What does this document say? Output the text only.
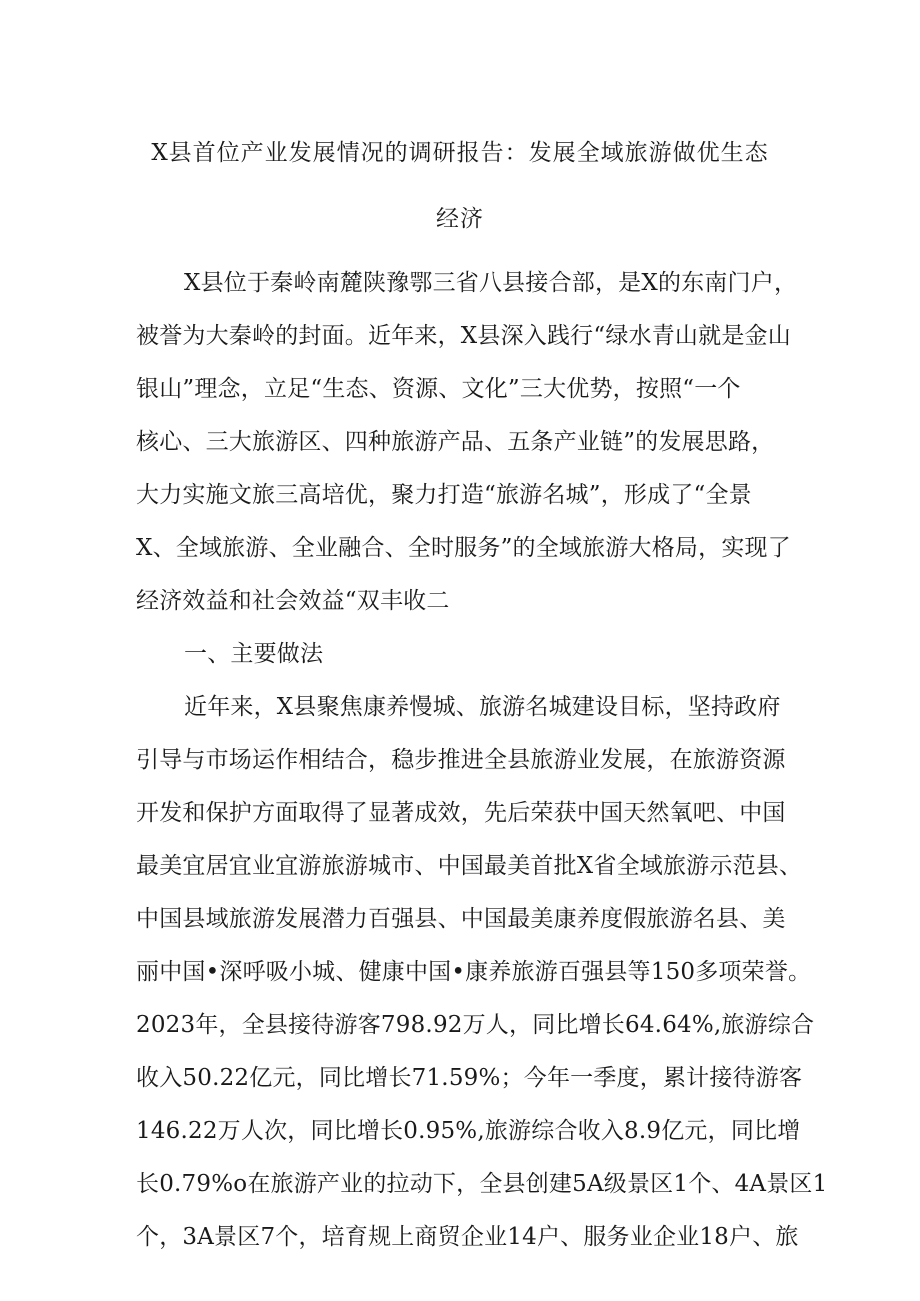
X县首位产业发展情况的调研报告：发展全域旅游做优生态
经济
X县位于秦岭南麓陕豫鄂三省八县接合部，是X的东南门户，
被誉为大秦岭的封面。近年来，X县深入践行“绿水青山就是金山
银山”理念，立足“生态、资源、文化”三大优势，按照“一个
核心、三大旅游区、四种旅游产品、五条产业链”的发展思路，
大力实施文旅三高培优，聚力打造“旅游名城”，形成了“全景
X、全域旅游、全业融合、全时服务”的全域旅游大格局，实现了
经济效益和社会效益“双丰收二
一、主要做法
近年来，X县聚焦康养慢城、旅游名城建设目标，坚持政府
引导与市场运作相结合，稳步推进全县旅游业发展，在旅游资源
开发和保护方面取得了显著成效，先后荣获中国天然氧吧、中国
最美宜居宜业宜游旅游城市、中国最美首批X省全域旅游示范县、
中国县域旅游发展潜力百强县、中国最美康养度假旅游名县、美
丽中国•深呼吸小城、健康中国•康养旅游百强县等150多项荣誉。
2023年，全县接待游客798.92万人，同比增长64.64%,旅游综合
收入50.22亿元，同比增长71.59%；今年一季度，累计接待游客
146.22万人次，同比增长0.95%,旅游综合收入8.9亿元，同比增
长0.79%o在旅游产业的拉动下，全县创建5A级景区1个、4A景区1
个，3A景区7个，培育规上商贸企业14户、服务业企业18户、旅
